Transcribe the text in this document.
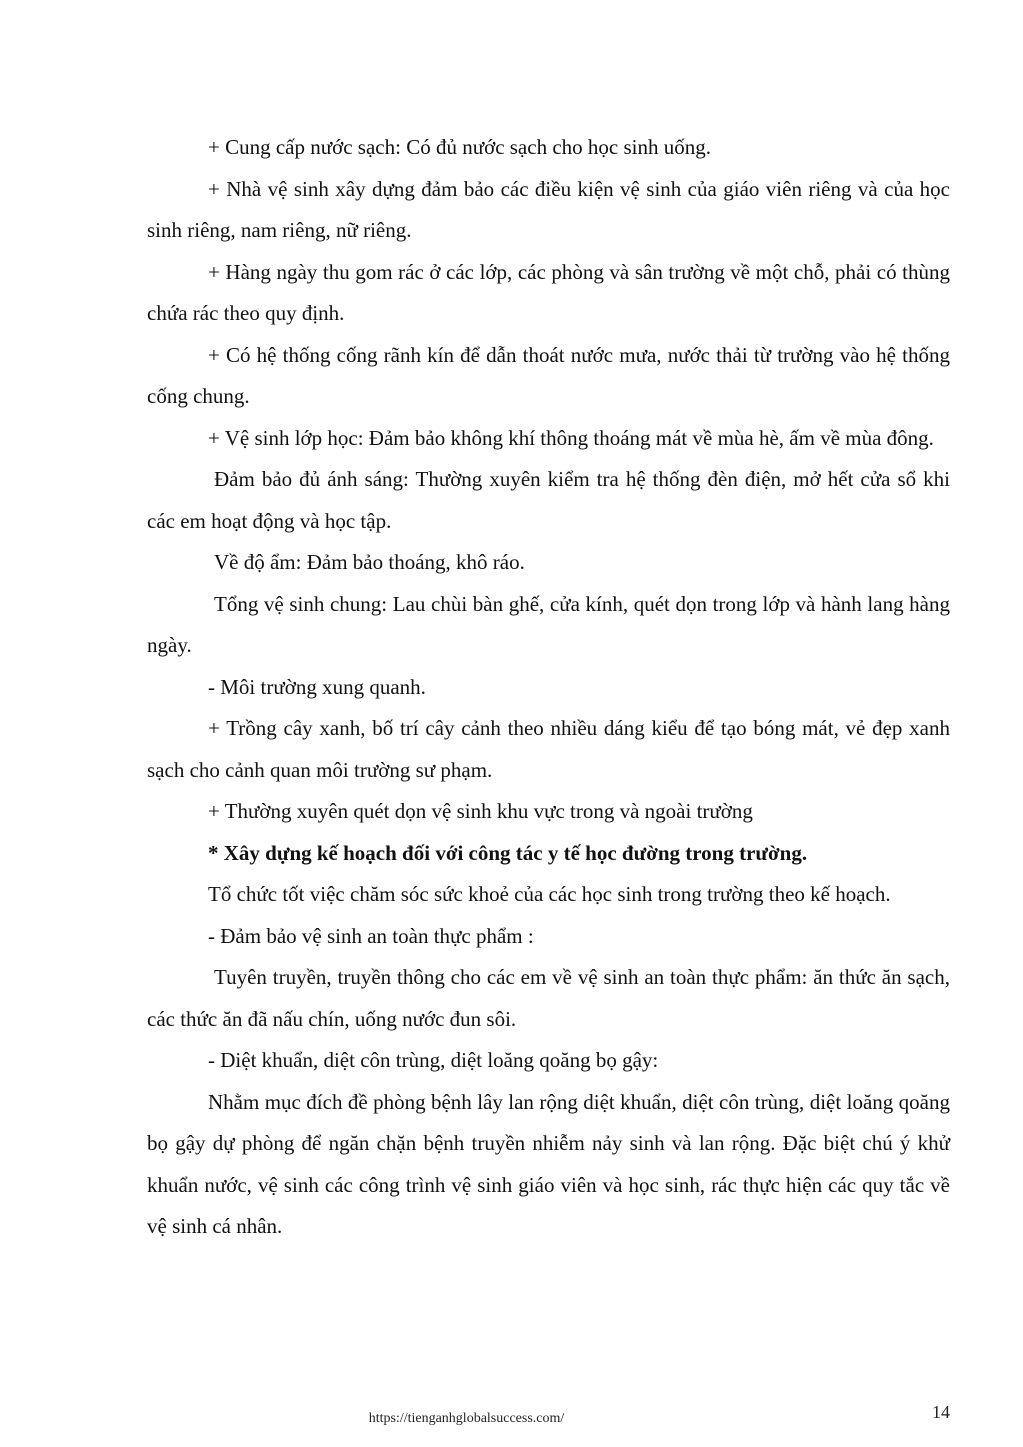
+ Cung cấp nước sạch: Có đủ nước sạch cho học sinh uống.

+ Nhà vệ sinh xây dựng đảm bảo các điều kiện vệ sinh của giáo viên riêng và của học sinh riêng, nam riêng, nữ riêng.

+ Hàng ngày thu gom rác ở các lớp, các phòng và sân trường về một chỗ, phải có thùng chứa rác theo quy định.

+ Có hệ thống cống rãnh kín để dẫn thoát nước mưa, nước thải từ trường vào hệ thống cống chung.

+ Vệ sinh lớp học: Đảm bảo không khí thông thoáng mát về mùa hè, ấm về mùa đông.

Đảm bảo đủ ánh sáng: Thường xuyên kiểm tra hệ thống đèn điện, mở hết cửa sổ khi các em hoạt động và học tập.

Về độ ẩm: Đảm bảo thoáng, khô ráo.

Tổng vệ sinh chung: Lau chùi bàn ghế, cửa kính, quét dọn trong lớp và hành lang hàng ngày.

- Môi trường xung quanh.

+ Trồng cây xanh, bố trí cây cảnh theo nhiều dáng kiểu để tạo bóng mát, vẻ đẹp xanh sạch cho cảnh quan môi trường sư phạm.

+ Thường xuyên quét dọn vệ sinh khu vực trong và ngoài trường

* Xây dựng kế hoạch đối với công tác y tế học đường trong trường.

Tổ chức tốt việc chăm sóc sức khoẻ của các học sinh trong trường theo kế hoạch.

- Đảm bảo vệ sinh an toàn thực phẩm :

Tuyên truyền, truyền thông cho các em về vệ sinh an toàn thực phẩm: ăn thức ăn sạch, các thức ăn đã nấu chín, uống nước đun sôi.

- Diệt khuẩn, diệt côn trùng, diệt loăng qoăng bọ gậy:

Nhằm mục đích đề phòng bệnh lây lan rộng diệt khuẩn, diệt côn trùng, diệt loăng qoăng bọ gậy dự phòng để ngăn chặn bệnh truyền nhiễm nảy sinh và lan rộng. Đặc biệt chú ý khử khuẩn nước, vệ sinh các công trình vệ sinh giáo viên và học sinh, rác thực hiện các quy tắc về vệ sinh cá nhân.

https://tienganhglobalsuccess.com/	14
